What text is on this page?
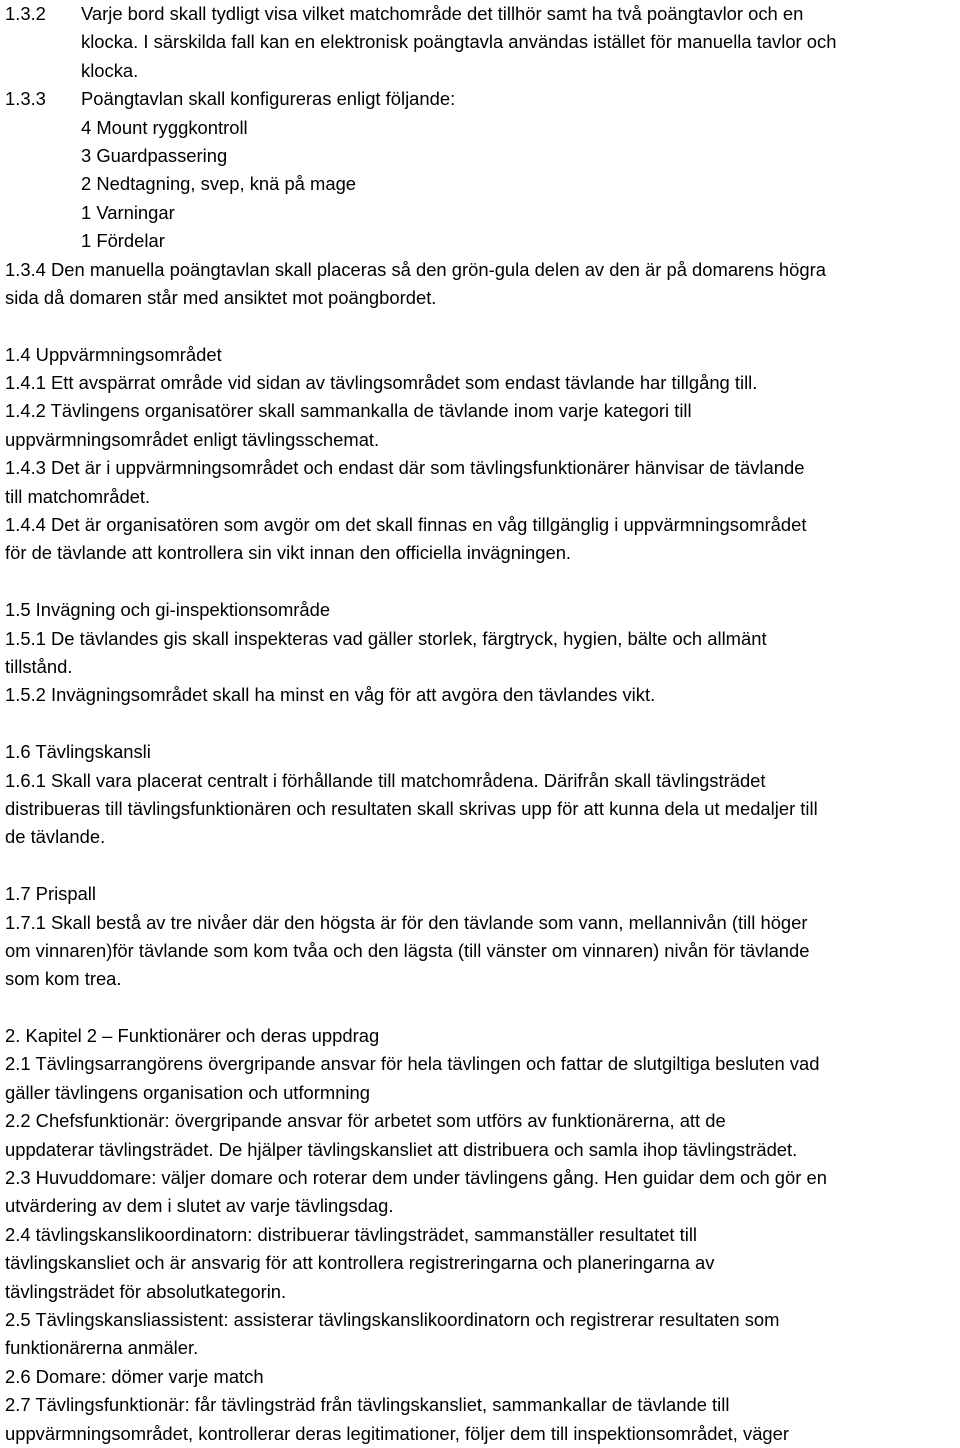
1.3.2 Varje bord skall tydligt visa vilket matchområde det tillhör samt ha två poängtavlor och en
klocka. I särskilda fall kan en elektronisk poängtavla användas istället för manuella tavlor och
klocka.
1.3.3 Poängtavlan skall konfigureras enligt följande:
4 Mount ryggkontroll
3 Guardpassering
2 Nedtagning, svep, knä på mage
1 Varningar
1 Fördelar
1.3.4 Den manuella poängtavlan skall placeras så den grön-gula delen av den är på domarens högra
sida då domaren står med ansiktet mot poängbordet.
1.4 Uppvärmningsområdet
1.4.1 Ett avspärrat område vid sidan av tävlingsområdet som endast tävlande har tillgång till.
1.4.2 Tävlingens organisatörer skall sammankalla de tävlande inom varje kategori till
uppvärmningsområdet enligt tävlingsschemat.
1.4.3 Det är i uppvärmningsområdet och endast där som tävlingsfunktionärer hänvisar de tävlande
till matchområdet.
1.4.4 Det är organisatören som avgör om det skall finnas en våg tillgänglig i uppvärmningsområdet
för de tävlande att kontrollera sin vikt innan den officiella invägningen.
1.5 Invägning och gi-inspektionsområde
1.5.1 De tävlandes gis skall inspekteras vad gäller storlek, färgtryck, hygien, bälte och allmänt
tillstånd.
1.5.2 Invägningsområdet skall ha minst en våg för att avgöra den tävlandes vikt.
1.6 Tävlingskansli
1.6.1 Skall vara placerat centralt i förhållande till matchområdena. Därifrån skall tävlingsträdet
distribueras till tävlingsfunktionären och resultaten skall skrivas upp för att kunna dela ut medaljer till
de tävlande.
1.7 Prispall
1.7.1 Skall bestå av tre nivåer där den högsta är för den tävlande som vann, mellannivån (till höger
om vinnaren)för tävlande som kom tvåa och den lägsta (till vänster om vinnaren) nivån för tävlande
som kom trea.
2. Kapitel 2 – Funktionärer och deras uppdrag
2.1 Tävlingsarrangörens övergripande ansvar för hela tävlingen och fattar de slutgiltiga besluten vad
gäller tävlingens organisation och utformning
2.2 Chefsfunktionär: övergripande ansvar för arbetet som utförs av funktionärerna, att de
uppdaterar tävlingsträdet. De hjälper tävlingskansliet att distribuera och samla ihop tävlingsträdet.
2.3 Huvuddomare: väljer domare och roterar dem under tävlingens gång. Hen guidar dem och gör en
utvärdering av dem i slutet av varje tävlingsdag.
2.4 tävlingskanslikoordinatorn: distribuerar tävlingsträdet, sammanställer resultatet till
tävlingskansliet och är ansvarig för att kontrollera registreringarna och planeringarna av
tävlingsträdet för absolutkategorin.
2.5 Tävlingskansliassistent: assisterar tävlingskanslikoordinatorn och registrerar resultaten som
funktionärerna anmäler.
2.6 Domare: dömer varje match
2.7 Tävlingsfunktionär: får tävlingsträd från tävlingskansliet, sammankallar de tävlande till
uppvärmningsområdet, kontrollerar deras legitimationer, följer dem till inspektionsområdet, väger
